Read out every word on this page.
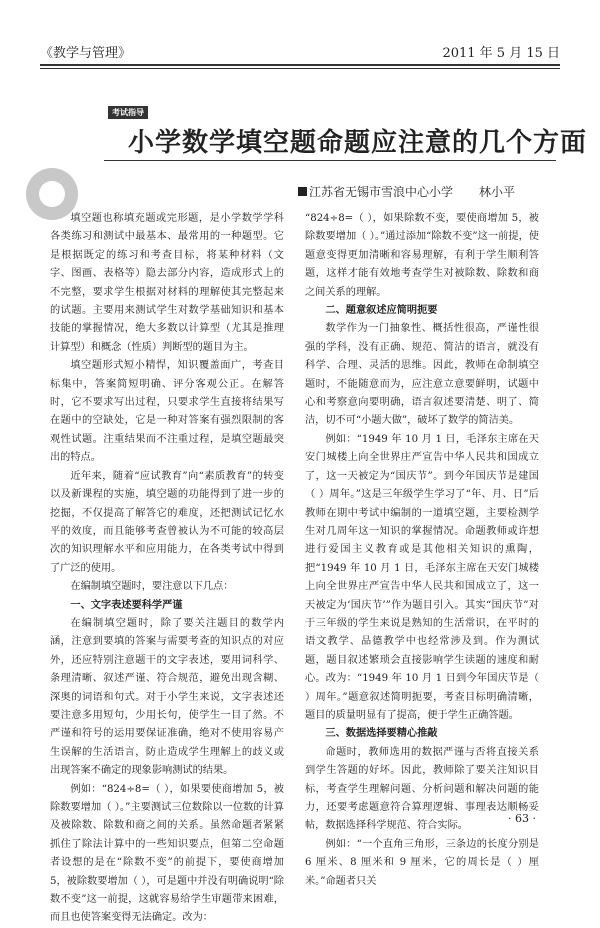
《教学与管理》	2011 年 5 月 15 日
考试指导
小学数学填空题命题应注意的几个方面
江苏省无锡市雪浪中心小学 林小平

填空题也称填充题或完形题，是小学数学学科各类练习和测试中最基本、最常用的一种题型。它是根据既定的练习和考查目标，将某种材料（文字、图画、表格等）隐去部分内容，造成形式上的不完整，要求学生根据对材料的理解使其完整起来的试题。主要用来测试学生对数学基础知识和基本技能的掌握情况，绝大多数以计算型（尤其是推理计算型）和概念（性质）判断型的题目为主。

填空题形式短小精悍，知识覆盖面广，考查目标集中，答案简短明确、评分客观公正。在解答时，它不要求写出过程，只要求学生直接将结果写在题中的空缺处，它是一种对答案有强烈限制的客观性试题。注重结果而不注重过程，是填空题最突出的特点。

近年来，随着“应试教育”向“素质教育”的转变以及新课程的实施，填空题的功能得到了进一步的挖掘，不仅提高了解答它的难度，还把测试记忆水平的效度，而且能够考查曾被认为不可能的较高层次的知识理解水平和应用能力，在各类考试中得到了广泛的使用。

在编制填空题时，要注意以下几点：

一、文字表述要科学严谨

在编制填空题时，除了要关注题目的数学内涵，注意到要填的答案与需要考查的知识点的对应外，还应特别注意题干的文字表述，要用词科学、条理清晰、叙述严谨、符合规范，避免出现含糊、深奥的词语和句式。对于小学生来说，文字表述还要注意多用短句，少用长句，使学生一目了然。不严谨和符号的运用要保证准确，绝对不使用容易产生误解的生活语言，防止造成学生理解上的歧义或出现答案不确定的现象影响测试的结果。

例如：“824÷8=（ ），如果要使商增加 5，被除数要增加（ ）。”主要测试三位数除以一位数的计算及被除数、除数和商之间的关系。虽然命题者紧紧抓住了除法计算中的一些知识要点，但第二空命题者设想的是在“除数不变”的前提下，要使商增加 5，被除数要增加（ ），可是题中并没有明确说明“除数不变”这一前提，这就容易给学生审题带来困难，而且也使答案变得无法确定。改为：

“824÷8=（ ），如果除数不变，要使商增加 5，被除数要增加（ ）。”通过添加“除数不变”这一前提，使题意变得更加清晰和容易理解，有利于学生顺利答题，这样才能有效地考查学生对被除数、除数和商之间关系的理解。

二、题意叙述应简明扼要

数学作为一门抽象性、概括性很高，严谨性很强的学科，没有正确、规范、简洁的语言，就没有科学、合理、灵活的思维。因此，教师在命制填空题时，不能随意而为，应注意立意要鲜明，试题中心和考察意向要明确，语言叙述要清楚、明了、简洁，切不可“小题大做”，破坏了数学的简洁美。

例如：“1949 年 10 月 1 日，毛泽东主席在天安门城楼上向全世界庄严宣告中华人民共和国成立了，这一天被定为“国庆节”。到今年国庆节是建国（ ）周年。”这是三年级学生学习了“年、月、日”后教师在期中考试中编制的一道填空题，主要检测学生对几周年这一知识的掌握情况。命题教师或许想进行爱国主义教育或是其他相关知识的熏陶，把“1949 年 10 月 1 日，毛泽东主席在天安门城楼上向全世界庄严宣告中华人民共和国成立了，这一天被定为‘国庆节’”作为题目引入。其实“国庆节”对于三年级的学生来说是熟知的生活常识，在平时的语文教学、品德教学中也经常涉及到。作为测试题，题目叙述繁琐会直接影响学生读题的速度和耐心。改为：“1949 年 10 月 1 日到今年国庆节是（ ）周年。”题意叙述简明扼要，考查目标明确清晰，题目的质量明显有了提高，便于学生正确答题。

三、数据选择要精心推敲

命题时，教师选用的数据严谨与否将直接关系到学生答题的好坏。因此，教师除了要关注知识目标，考查学生理解问题、分析问题和解决问题的能力，还要考虑题意符合算理逻辑、事理表达顺畅妥帖，数据选择科学规范、符合实际。

例如：“一个直角三角形，三条边的长度分别是 6 厘米、8 厘米和 9 厘米，它的周长是（ ）厘米。”命题者只关

· 63 ·
